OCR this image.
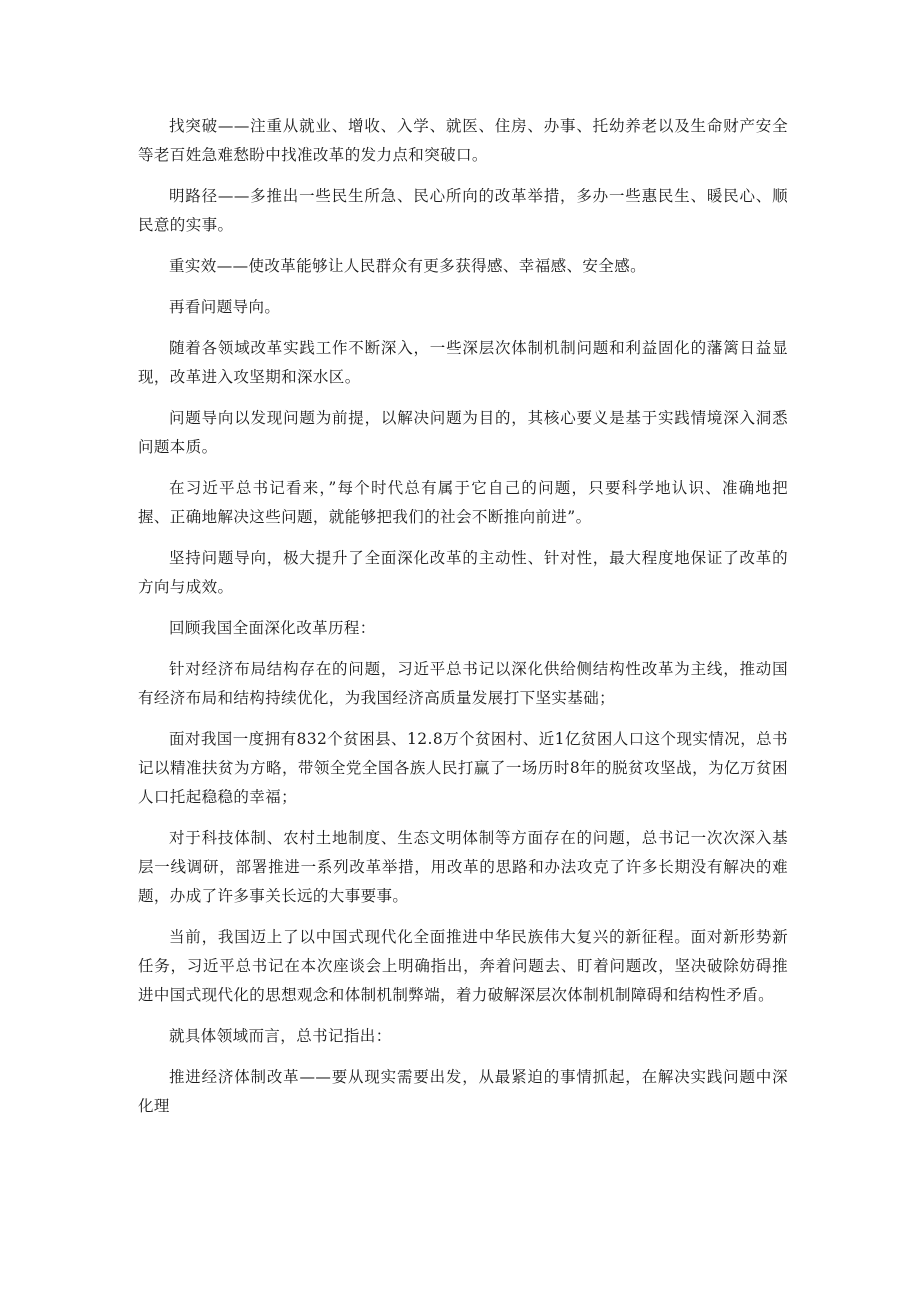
找突破——注重从就业、增收、入学、就医、住房、办事、托幼养老以及生命财产安全等老百姓急难愁盼中找准改革的发力点和突破口。

明路径——多推出一些民生所急、民心所向的改革举措，多办一些惠民生、暖民心、顺民意的实事。

重实效——使改革能够让人民群众有更多获得感、幸福感、安全感。

再看问题导向。

随着各领域改革实践工作不断深入，一些深层次体制机制问题和利益固化的藩篱日益显现，改革进入攻坚期和深水区。

问题导向以发现问题为前提，以解决问题为目的，其核心要义是基于实践情境深入洞悉问题本质。

在习近平总书记看来，”每个时代总有属于它自己的问题，只要科学地认识、准确地把握、正确地解决这些问题，就能够把我们的社会不断推向前进”。

坚持问题导向，极大提升了全面深化改革的主动性、针对性，最大程度地保证了改革的方向与成效。

回顾我国全面深化改革历程：

针对经济布局结构存在的问题，习近平总书记以深化供给侧结构性改革为主线，推动国有经济布局和结构持续优化，为我国经济高质量发展打下坚实基础；

面对我国一度拥有832个贫困县、12.8万个贫困村、近1亿贫困人口这个现实情况，总书记以精准扶贫为方略，带领全党全国各族人民打赢了一场历时8年的脱贫攻坚战，为亿万贫困人口托起稳稳的幸福；

对于科技体制、农村土地制度、生态文明体制等方面存在的问题，总书记一次次深入基层一线调研，部署推进一系列改革举措，用改革的思路和办法攻克了许多长期没有解决的难题，办成了许多事关长远的大事要事。

当前，我国迈上了以中国式现代化全面推进中华民族伟大复兴的新征程。面对新形势新任务，习近平总书记在本次座谈会上明确指出，奔着问题去、盯着问题改，坚决破除妨碍推进中国式现代化的思想观念和体制机制弊端，着力破解深层次体制机制障碍和结构性矛盾。

就具体领域而言，总书记指出：

推进经济体制改革——要从现实需要出发，从最紧迫的事情抓起，在解决实践问题中深化理
